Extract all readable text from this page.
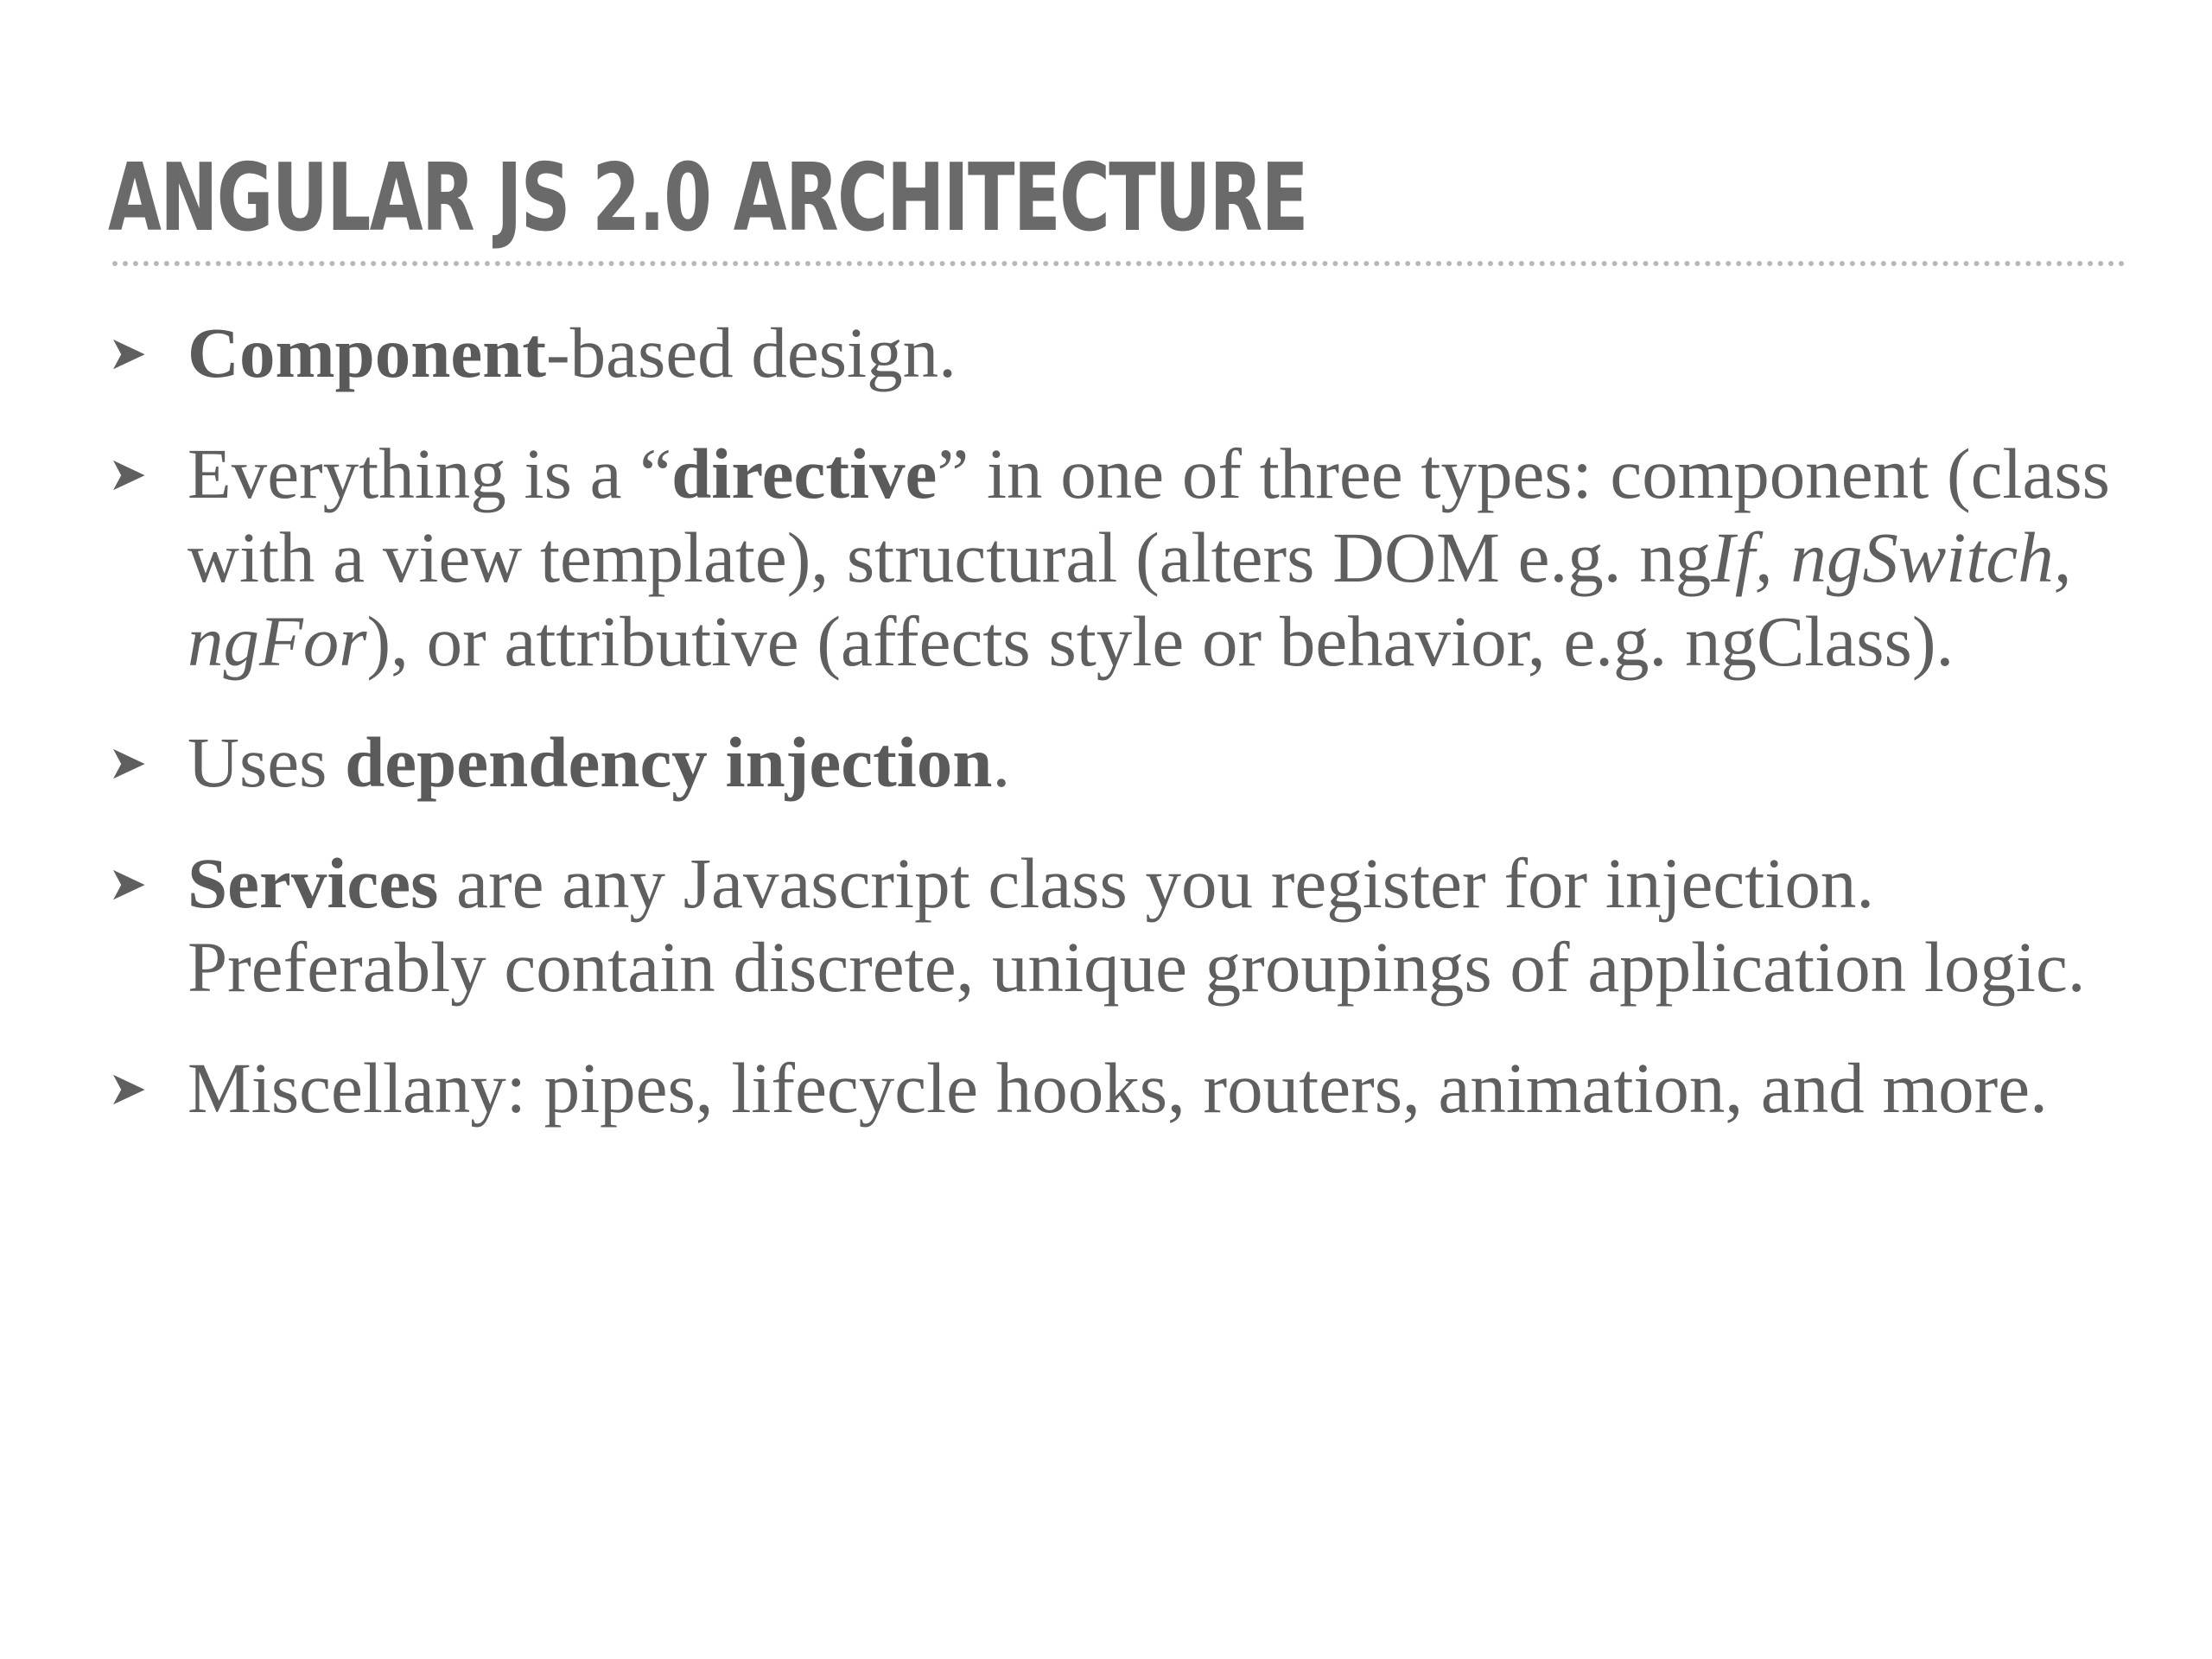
ANGULAR JS 2.0 ARCHITECTURE
➤ Component-based design.
➤ Everything is a “directive” in one of three types: component (class with a view template), structural (alters DOM e.g. ngIf, ngSwitch, ngFor), or attributive (affects style or behavior, e.g. ngClass).
➤ Uses dependency injection.
➤ Services are any Javascript class you register for injection. Preferably contain discrete, unique groupings of application logic.
➤ Miscellany: pipes, lifecycle hooks, routers, animation, and more.
